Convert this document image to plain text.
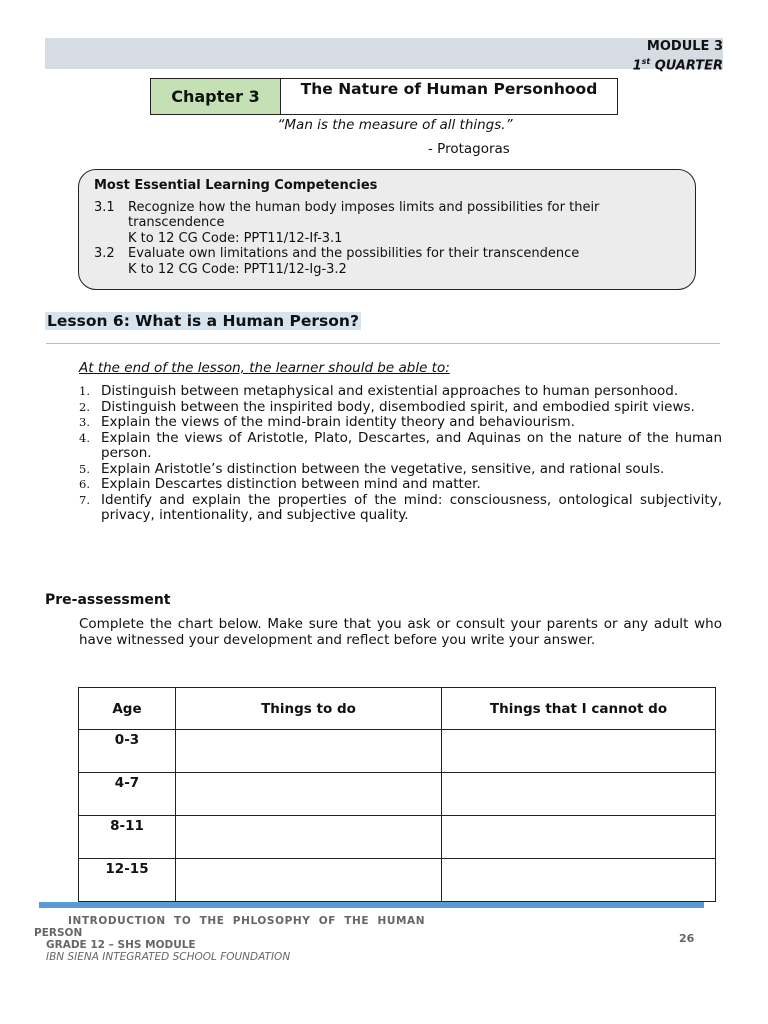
MODULE 3
1st QUARTER
Chapter 3	The Nature of Human Personhood
“Man is the measure of all things.”
- Protagoras
Most Essential Learning Competencies
3.1	Recognize how the human body imposes limits and possibilities for their transcendence
K to 12 CG Code: PPT11/12-If-3.1
3.2	Evaluate own limitations and the possibilities for their transcendence
K to 12 CG Code: PPT11/12-Ig-3.2
Lesson 6: What is a Human Person?
At the end of the lesson, the learner should be able to:
1. Distinguish between metaphysical and existential approaches to human personhood.
2. Distinguish between the inspirited body, disembodied spirit, and embodied spirit views.
3. Explain the views of the mind-brain identity theory and behaviourism.
4. Explain the views of Aristotle, Plato, Descartes, and Aquinas on the nature of the human person.
5. Explain Aristotle’s distinction between the vegetative, sensitive, and rational souls.
6. Explain Descartes distinction between mind and matter.
7. Identify and explain the properties of the mind: consciousness, ontological subjectivity, privacy, intentionality, and subjective quality.
Pre-assessment
Complete the chart below. Make sure that you ask or consult your parents or any adult who have witnessed your development and reflect before you write your answer.
Age	Things to do	Things that I cannot do
0-3		
4-7		
8-11		
12-15		
INTRODUCTION TO THE PHLOSOPHY OF THE HUMAN
PERSON
GRADE 12 – SHS MODULE
IBN SIENA INTEGRATED SCHOOL FOUNDATION
26
